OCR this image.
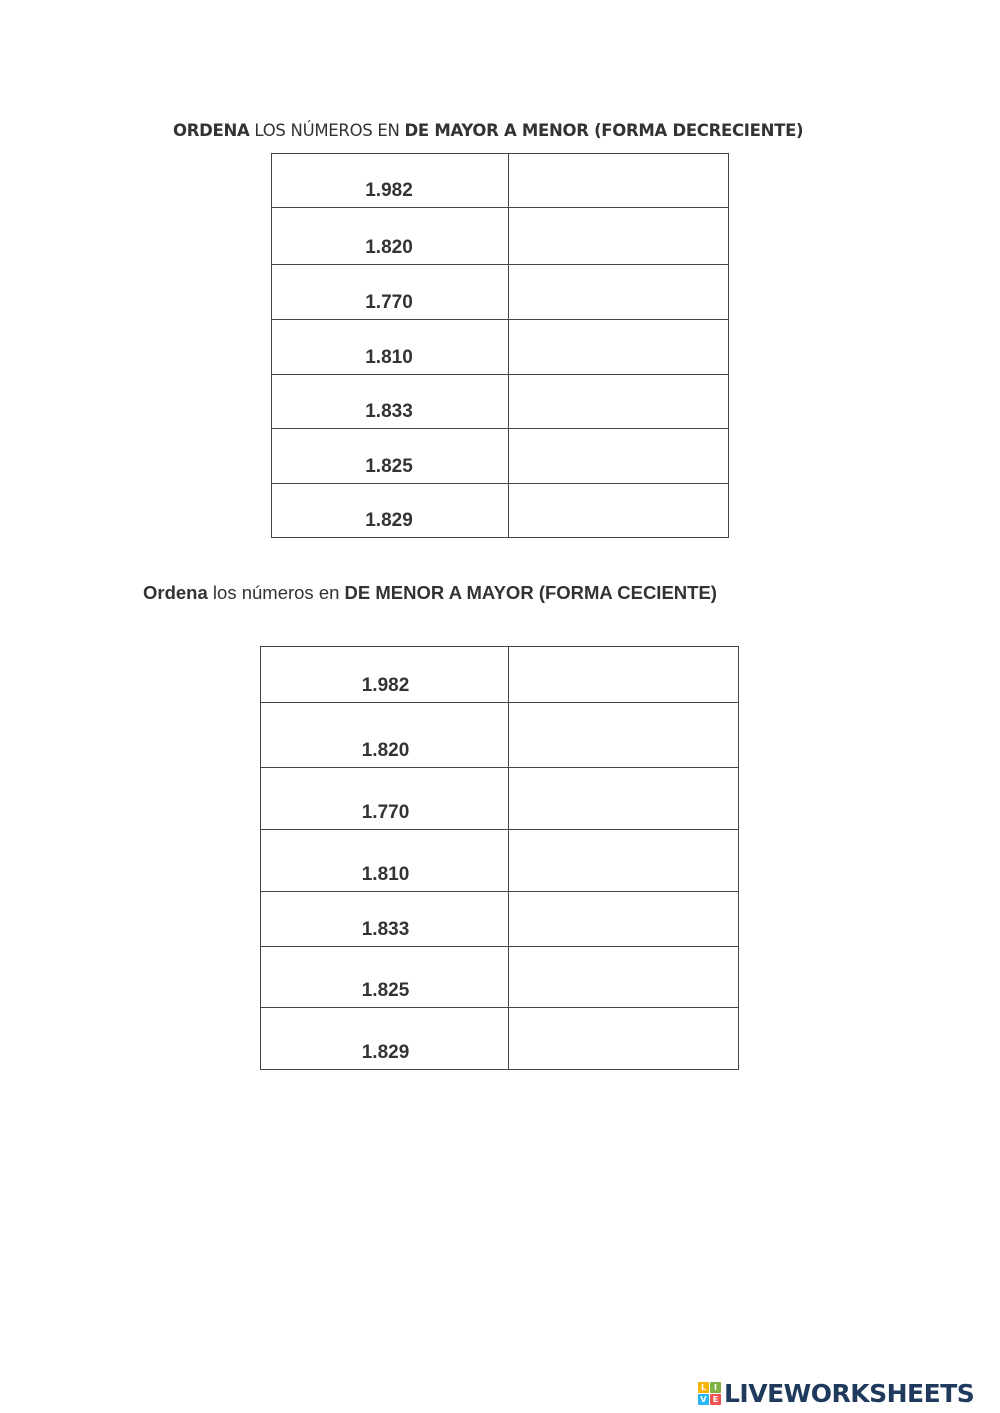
ORDENA LOS NÚMEROS EN DE MAYOR A MENOR (FORMA DECRECIENTE)
1.982	
1.820	
1.770	
1.810	
1.833	
1.825	
1.829	
Ordena los números en DE MENOR A MAYOR (FORMA CECIENTE)
1.982	
1.820	
1.770	
1.810	
1.833	
1.825	
1.829	
L I
V E LIVEWORKSHEETS
